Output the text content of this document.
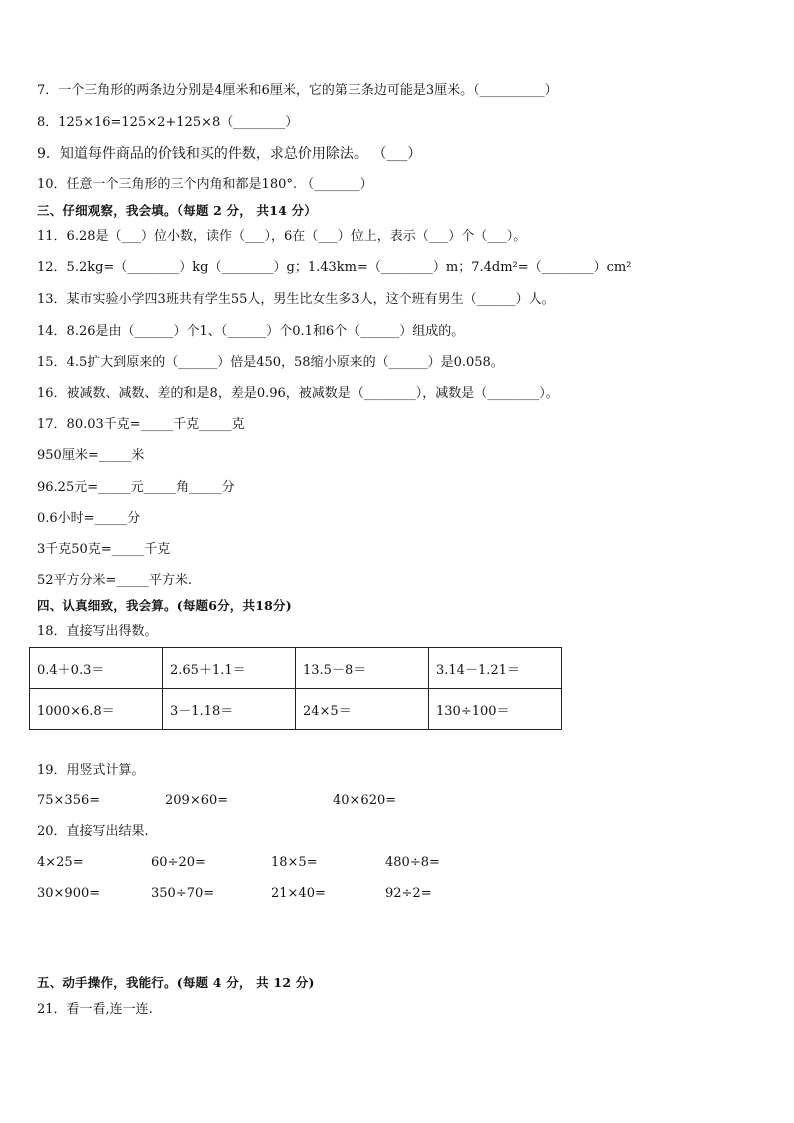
7．一个三角形的两条边分别是4厘米和6厘米，它的第三条边可能是3厘米。（__________）
8．125×16=125×2+125×8（________）
9．知道每件商品的价钱和买的件数，求总价用除法。 （___）
10．任意一个三角形的三个内角和都是180°. （_______）
三、仔细观察，我会填。（每题 2 分， 共14 分）
11．6.28是（___）位小数，读作（___），6在（___）位上，表示（___）个（___）。
12．5.2kg=（________）kg（________）g；1.43km=（________）m；7.4dm²=（________）cm²
13．某市实验小学四3班共有学生55人，男生比女生多3人，这个班有男生（______）人。
14．8.26是由（______）个1、（______）个0.1和6个（______）组成的。
15．4.5扩大到原来的（______）倍是450，58缩小原来的（______）是0.058。
16．被减数、减数、差的和是8，差是0.96，被减数是（________），减数是（________）。
17．80.03千克=_____千克_____克
950厘米=_____米
96.25元=_____元_____角_____分
0.6小时=_____分
3千克50克=_____千克
52平方分米=_____平方米.
四、认真细致，我会算。(每题6分，共18分)
18．直接写出得数。
0.4＋0.3＝	2.65＋1.1＝	13.5－8＝	3.14－1.21＝
1000×6.8＝	3－1.18＝	24×5＝	130÷100＝
19．用竖式计算。
75×356=	209×60=	40×620=
20．直接写出结果.
4×25=	60÷20=	18×5=	480÷8=
30×900=	350÷70=	21×40=	92÷2=
五、动手操作，我能行。(每题 4 分， 共 12 分)
21．看一看,连一连.
